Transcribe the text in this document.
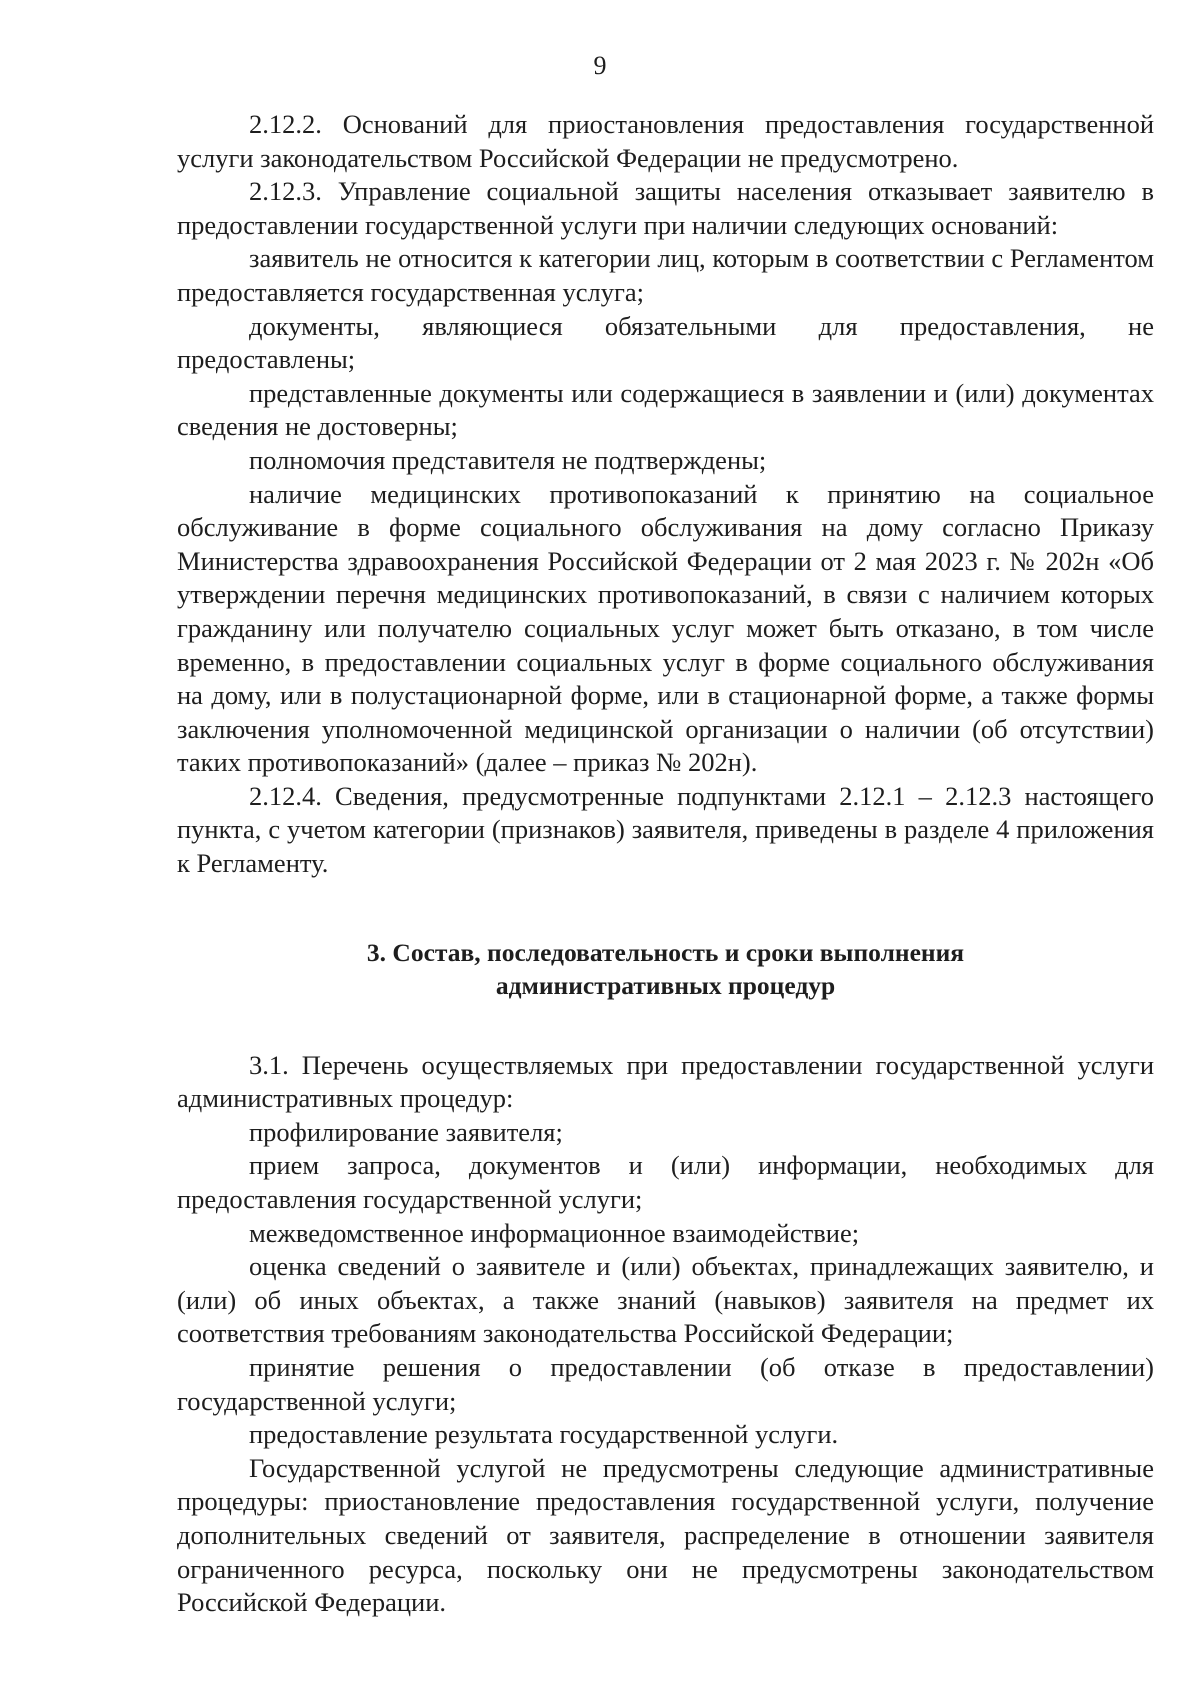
9

2.12.2. Оснований для приостановления предоставления государственной услуги законодательством Российской Федерации не предусмотрено.

2.12.3. Управление социальной защиты населения отказывает заявителю в предоставлении государственной услуги при наличии следующих оснований:

заявитель не относится к категории лиц, которым в соответствии с Регламентом предоставляется государственная услуга;

документы, являющиеся обязательными для предоставления, не предоставлены;

представленные документы или содержащиеся в заявлении и (или) документах сведения не достоверны;

полномочия представителя не подтверждены;

наличие медицинских противопоказаний к принятию на социальное обслуживание в форме социального обслуживания на дому согласно Приказу Министерства здравоохранения Российской Федерации от 2 мая 2023 г. № 202н «Об утверждении перечня медицинских противопоказаний, в связи с наличием которых гражданину или получателю социальных услуг может быть отказано, в том числе временно, в предоставлении социальных услуг в форме социального обслуживания на дому, или в полустационарной форме, или в стационарной форме, а также формы заключения уполномоченной медицинской организации о наличии (об отсутствии) таких противопоказаний» (далее – приказ № 202н).

2.12.4. Сведения, предусмотренные подпунктами 2.12.1 – 2.12.3 настоящего пункта, с учетом категории (признаков) заявителя, приведены в разделе 4 приложения к Регламенту.

3. Состав, последовательность и сроки выполнения
административных процедур

3.1. Перечень осуществляемых при предоставлении государственной услуги административных процедур:

профилирование заявителя;

прием запроса, документов и (или) информации, необходимых для предоставления государственной услуги;

межведомственное информационное взаимодействие;

оценка сведений о заявителе и (или) объектах, принадлежащих заявителю, и (или) об иных объектах, а также знаний (навыков) заявителя на предмет их соответствия требованиям законодательства Российской Федерации;

принятие решения о предоставлении (об отказе в предоставлении) государственной услуги;

предоставление результата государственной услуги.

Государственной услугой не предусмотрены следующие административные процедуры: приостановление предоставления государственной услуги, получение дополнительных сведений от заявителя, распределение в отношении заявителя ограниченного ресурса, поскольку они не предусмотрены законодательством Российской Федерации.
